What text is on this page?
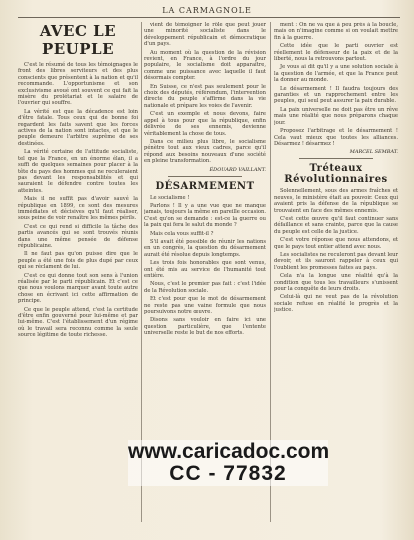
LA CARMAGNOLE
AVEC LE PEUPLE
C'est le résumé de tous les témoignages le front des libres serviteurs et des plus conscients que présentent à la nation et qu'il recommande. L'opportunisme et son exclusivisme avoué ont souvent ce qui fait la misère du prolétariat et le salaire de l'ouvrier qui souffre.
La vérité est que la décadence est loin d'être fatale. Tous ceux qui de bonne foi regardent les faits savent que les forces actives de la nation sont intactes, et que le peuple demeure l'arbitre suprême de ses destinées.
La vérité certaine de l'attitude socialiste, tel que la France, en un énorme élan, il a suffi de quelques semaines pour placer à la tête du pays des hommes qui ne reculeraient pas devant les responsabilités et qui sauraient le défendre contre toutes les atteintes.
Mais il ne suffit pas d'avoir sauvé la république en 1899, ce sont des mesures immédiates et décisives qu'il faut réaliser, sous peine de voir renaître les mêmes périls.
C'est ce qui rend si difficile la tâche des partis avancés qui se sont trouvés réunis dans une même pensée de défense républicaine.
Il ne faut pas qu'on puisse dire que le peuple a été une fois de plus dupé par ceux qui se réclament de lui.
C'est ce qui donne tout son sens à l'union réalisée par le parti républicain. Et c'est ce que nous voulons marquer avant toute autre chose en écrivant ici cette affirmation de principe.
Ce que le peuple attend, c'est la certitude d'être enfin gouverné pour lui-même et par lui-même. C'est l'établissement d'un régime où le travail sera reconnu comme la seule source légitime de toute richesse.
vient de témoigner le rôle que peut jouer une minorité socialiste dans le développement républicain et démocratique d'un pays.
Au moment où la question de la révision revient, en France, à l'ordre du jour populaire, le socialisme doit apparaître, comme une puissance avec laquelle il faut désormais compter.
En Suisse, ce n'est pas seulement pour le choix des députés, référendum, l'intervention directe du peuple s'affirme dans la vie nationale et prépare les voies de l'avenir.
C'est un exemple et nous devons, faire appel à tous pour que la république, enfin délivrée de ses ennemis, devienne véritablement la chose de tous.
Dans ce milieu plus libre, le socialisme pénètre tout aux vieux cadres, parce qu'il répond aux besoins nouveaux d'une société en pleine transformation.
ÉDOUARD VAILLANT.
DÉSARMEMENT
Le socialisme !
Parlons ! Il y a une vue que ne manque jamais, toujours la même en pareille occasion. C'est qu'on se demande : est-ce la guerre ou la paix qui fera le salut du monde ?
Mais cela vous suffit-il ?
S'il avait été possible de réunir les nations en un congrès, la question du désarmement aurait été résolue depuis longtemps.
Les trois fois honorables que sont venus, ont été mis au service de l'humanité tout entière.
Nous, c'est le premier pas fait : c'est l'idée de la Révolution sociale.
Et c'est pour que le mot de désarmement ne reste pas une vaine formule que nous poursuivons notre œuvre.
Disons sans vouloir en faire ici une question particulière, que l'entente universelle reste le but de nos efforts.
ment : On ne va que à peu près à la boucle, mais on n'imagine comme si on voulait mettre fin à la guerre.
Cette idée que le parti ouvrier est réellement le défenseur de la paix et de la liberté, nous la retrouvons partout.
Je vous ai dit qu'il y a une solution sociale à la question de l'armée, et que la France peut la donner au monde.
Le désarmement ! Il faudra toujours des garanties et un rapprochement entre les peuples, qui seul peut assurer la paix durable.
La paix universelle ne doit pas être un rêve mais une réalité que nous préparons chaque jour.
Proposez l'arbitrage et le désarmement ! Cela vaut mieux que toutes les alliances. Désarmez ! désarmez !
MARCEL SEMBAT.
Tréteaux Révolutionnaires
Solennellement, sous des armes fraîches et neuves, le ministère était au pouvoir. Ceux qui avaient pris la défense de la république se trouvaient en face des mêmes ennemis.
C'est cette œuvre qu'il faut continuer sans défaillance et sans crainte, parce que la cause du peuple est celle de la justice.
C'est votre réponse que nous attendons, et que le pays tout entier attend avec nous.
Les socialistes ne reculeront pas devant leur devoir, et ils sauront rappeler à ceux qui l'oublient les promesses faites au pays.
Cela n'a la longue une réalité qu'à la condition que tous les travailleurs s'unissent pour la conquête de leurs droits.
Celui-là qui ne veut pas de la révolution sociale refuse en réalité le progrès et la justice.
www.caricadoc.com
CC - 77832
